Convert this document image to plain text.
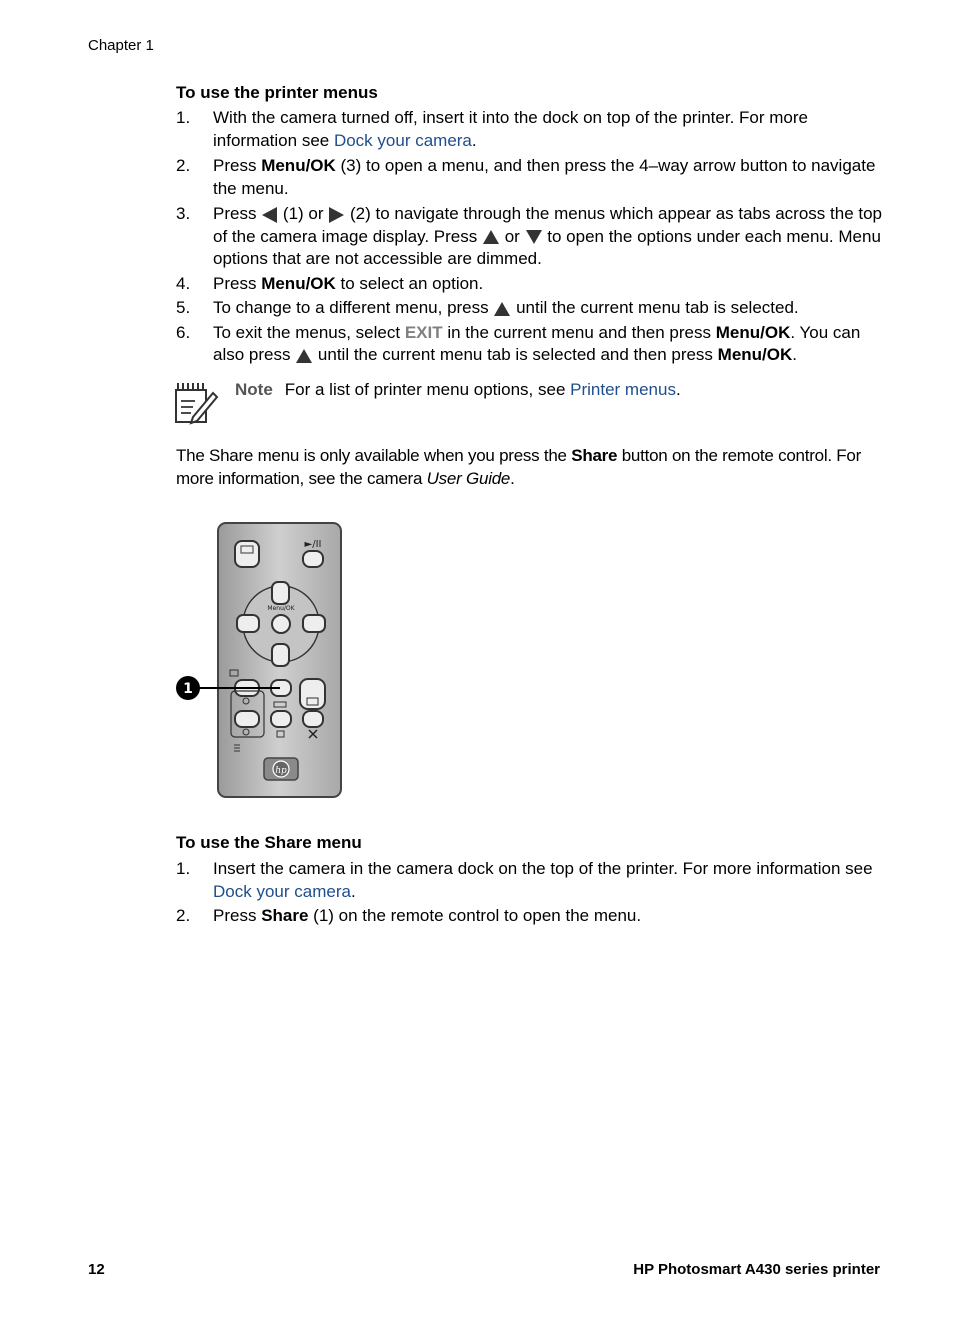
Chapter 1
To use the printer menus
1. With the camera turned off, insert it into the dock on top of the printer. For more information see Dock your camera.
2. Press Menu/OK (3) to open a menu, and then press the 4–way arrow button to navigate the menu.
3. Press  (1) or  (2) to navigate through the menus which appear as tabs across the top of the camera image display. Press  or  to open the options under each menu. Menu options that are not accessible are dimmed.
4. Press Menu/OK to select an option.
5. To change to a different menu, press  until the current menu tab is selected.
6. To exit the menus, select EXIT in the current menu and then press Menu/OK. You can also press  until the current menu tab is selected and then press Menu/OK.
Note For a list of printer menu options, see Printer menus.
The Share menu is only available when you press the Share button on the remote control. For more information, see the camera User Guide.
►/II
Menu/OK
hp
1
To use the Share menu
1. Insert the camera in the camera dock on the top of the printer. For more information see Dock your camera.
2. Press Share (1) on the remote control to open the menu.
12	HP Photosmart A430 series printer
